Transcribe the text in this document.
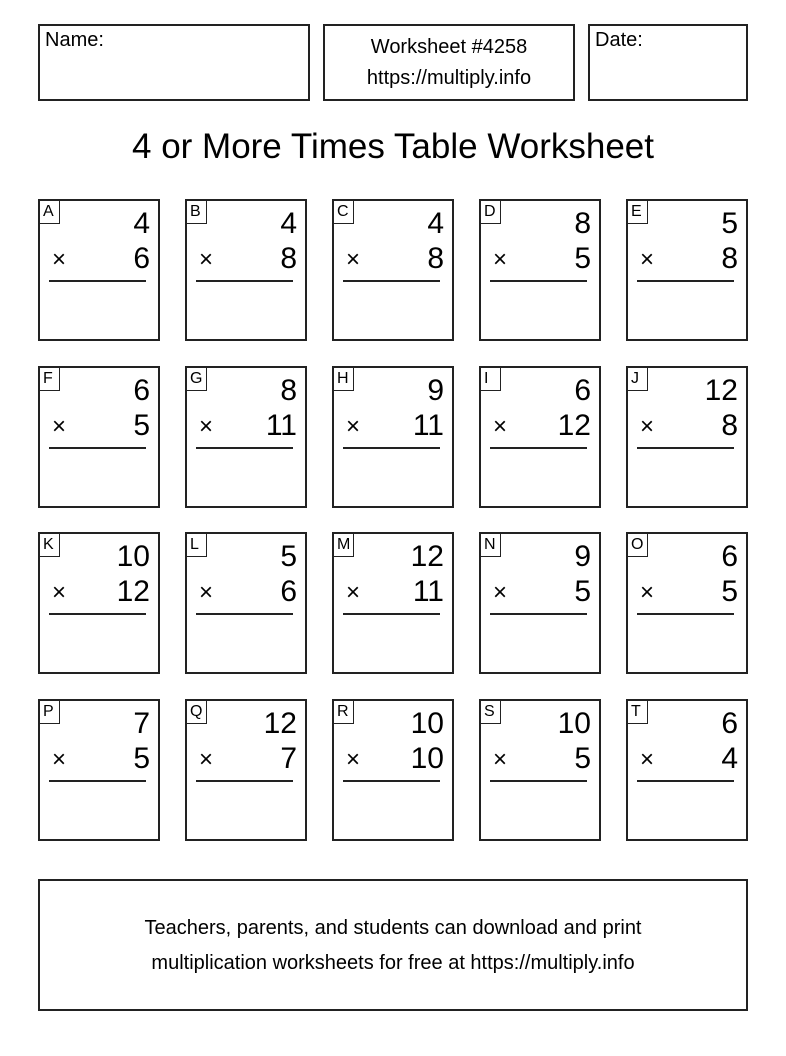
Name:	Worksheet #4258
https://multiply.info
Date:
4 or More Times Table Worksheet
A	4
× 6
B	4
× 8
C	4
× 8
D	8
× 5
E	5
× 8
F	6
× 5
G	8
× 11
H	9
× 11
I	6
× 12
J	12
× 8
K 10
× 12
L	5
× 6
M 12
× 11
N	9
× 5
O	6
× 5
P	7
× 5
Q 12
× 7
R 10
× 10
S 10
× 5
T	6
× 4
Teachers, parents, and students can download and print
multiplication worksheets for free at https://multiply.info
